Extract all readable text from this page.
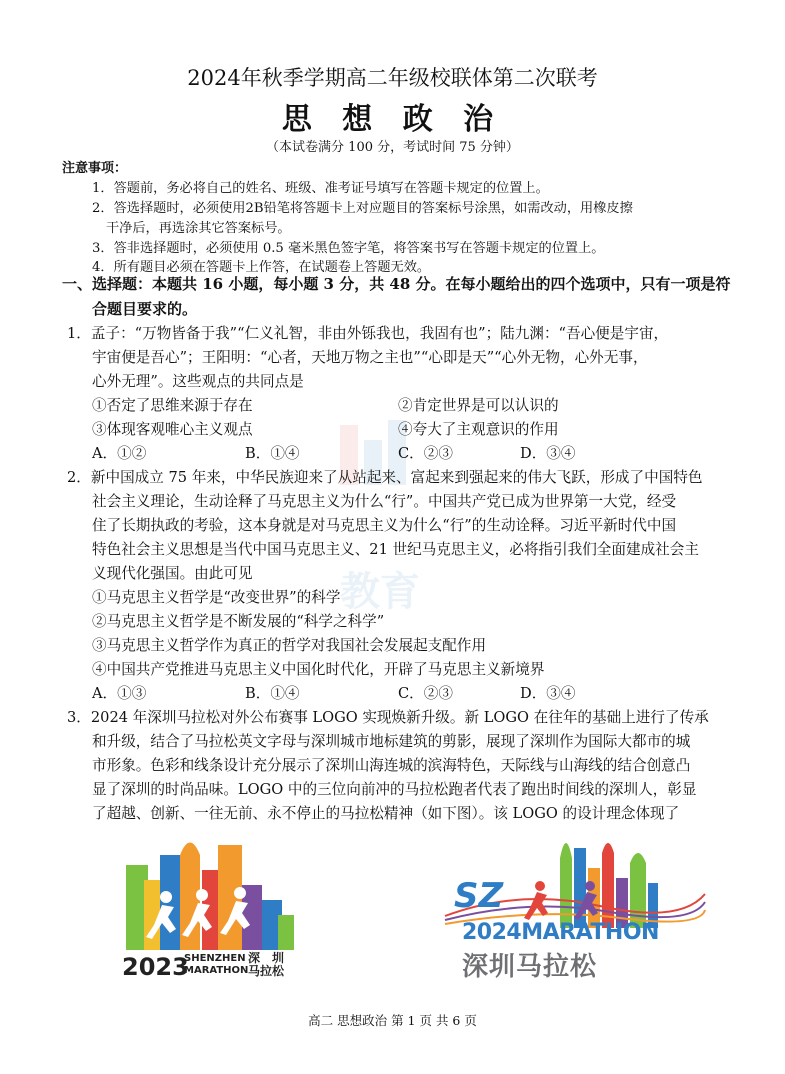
2024年秋季学期高二年级校联体第二次联考
思 想 政 治
（本试卷满分 100 分，考试时间 75 分钟）
注意事项：
1．答题前，务必将自己的姓名、班级、准考证号填写在答题卡规定的位置上。
2．答选择题时，必须使用2B铅笔将答题卡上对应题目的答案标号涂黑，如需改动，用橡皮擦
干净后，再选涂其它答案标号。
3．答非选择题时，必须使用 0.5 毫米黑色签字笔，将答案书写在答题卡规定的位置上。
4．所有题目必须在答题卡上作答，在试题卷上答题无效。
一、选择题：本题共 16 小题，每小题 3 分，共 48 分。在每小题给出的四个选项中，只有一项是符
合题目要求的。
教育
1．孟子：“万物皆备于我”“仁义礼智，非由外铄我也，我固有也”；陆九渊：“吾心便是宇宙，
宇宙便是吾心”；王阳明：“心者，天地万物之主也”“心即是天”“心外无物，心外无事，
心外无理”。这些观点的共同点是
①否定了思维来源于存在	②肯定世界是可以认识的
③体现客观唯心主义观点	④夸大了主观意识的作用
A．①②	B．①④	C．②③	D．③④
2．新中国成立 75 年来，中华民族迎来了从站起来、富起来到强起来的伟大飞跃，形成了中国特色
社会主义理论，生动诠释了马克思主义为什么“行”。中国共产党已成为世界第一大党，经受
住了长期执政的考验，这本身就是对马克思主义为什么“行”的生动诠释。习近平新时代中国
特色社会主义思想是当代中国马克思主义、21 世纪马克思主义，必将指引我们全面建成社会主
义现代化强国。由此可见
①马克思主义哲学是“改变世界”的科学
②马克思主义哲学是不断发展的“科学之科学”
③马克思主义哲学作为真正的哲学对我国社会发展起支配作用
④中国共产党推进马克思主义中国化时代化，开辟了马克思主义新境界
A．①③	B．①④	C．②③	D．③④
3．2024 年深圳马拉松对外公布赛事 LOGO 实现焕新升级。新 LOGO 在往年的基础上进行了传承
和升级，结合了马拉松英文字母与深圳城市地标建筑的剪影，展现了深圳作为国际大都市的城
市形象。色彩和线条设计充分展示了深圳山海连城的滨海特色，天际线与山海线的结合创意凸
显了深圳的时尚品味。LOGO 中的三位向前冲的马拉松跑者代表了跑出时间线的深圳人，彰显
了超越、创新、一往无前、永不停止的马拉松精神（如下图）。该 LOGO 的设计理念体现了
2023
SHENZHEN
MARATHON
深　圳
马拉松
SZ
2024MARATHON
深圳马拉松
高二 思想政治 第 1 页 共 6 页
